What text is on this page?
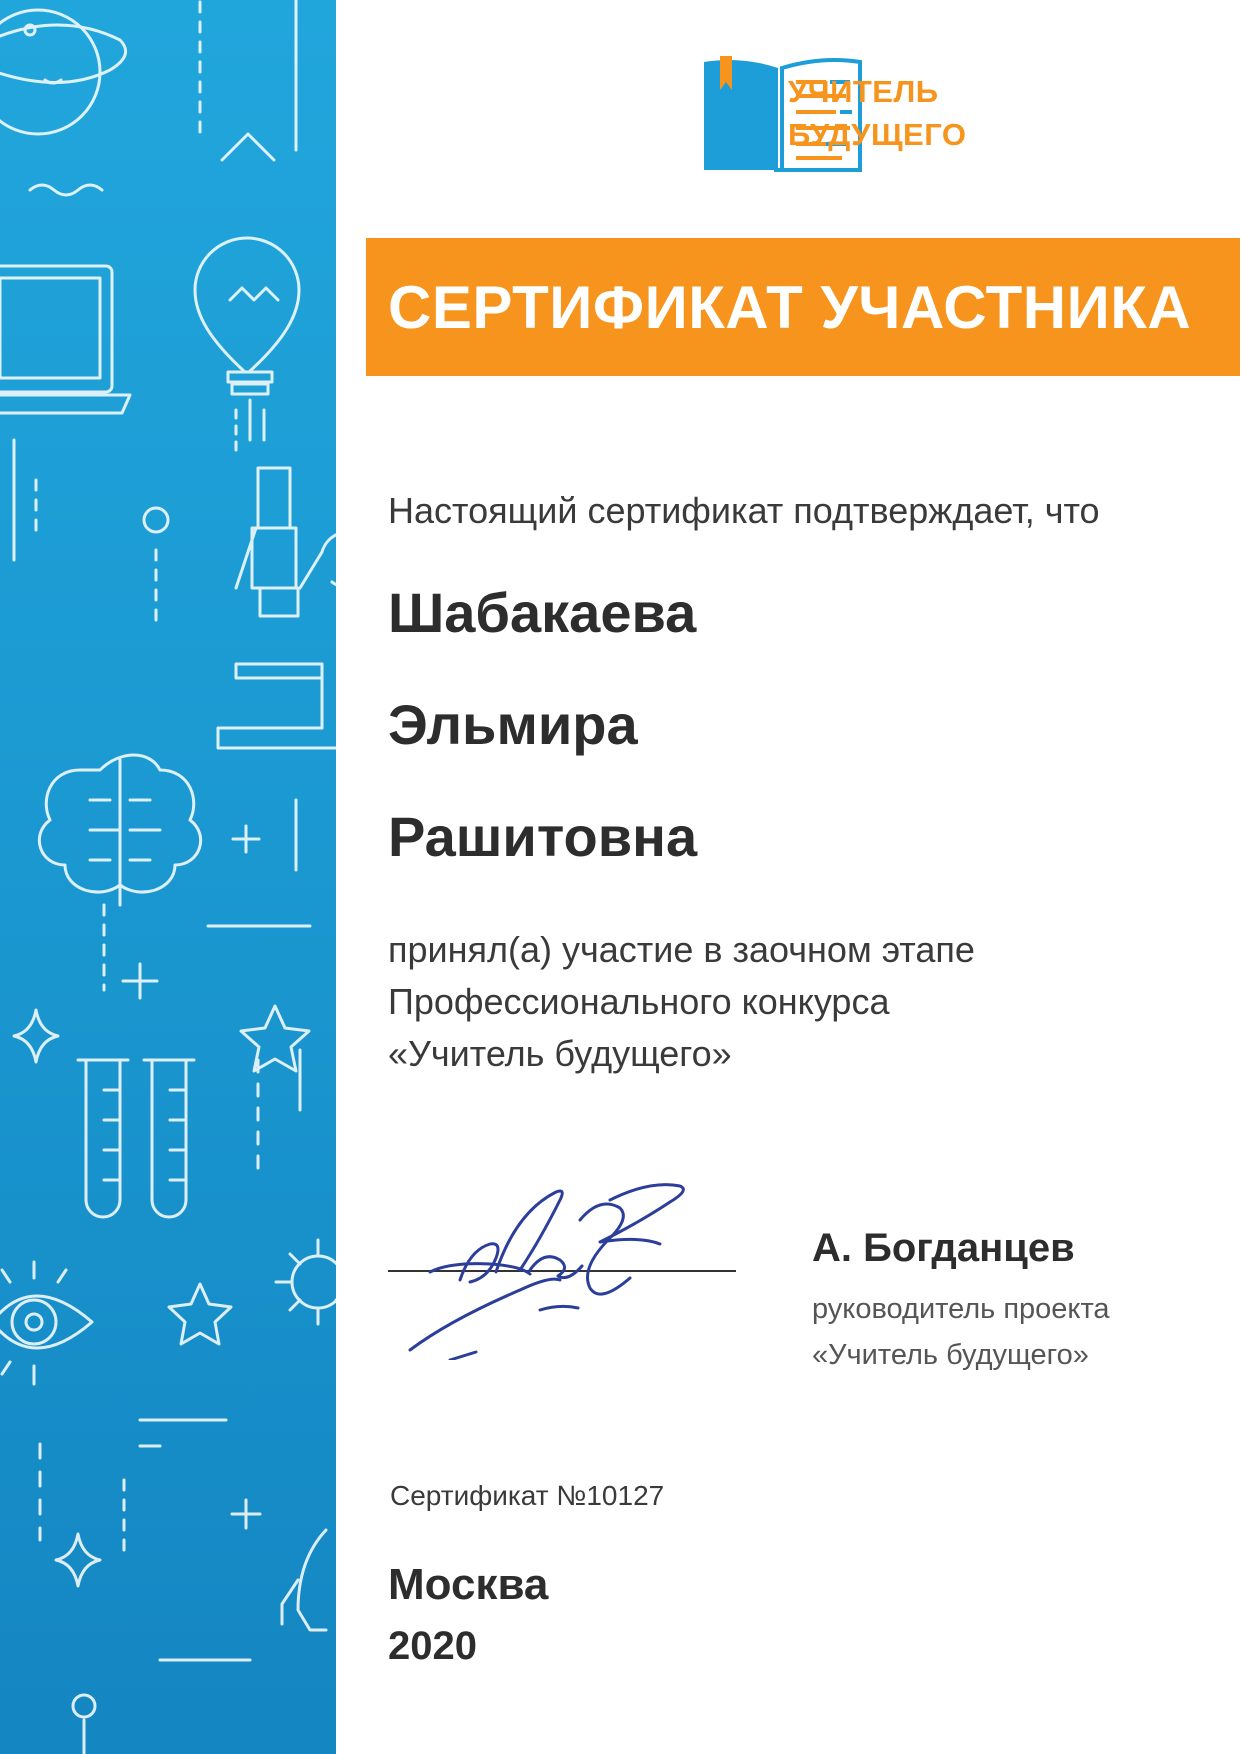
УЧИТЕЛЬ
БУДУЩЕГО
СЕРТИФИКАТ УЧАСТНИКА
Настоящий сертификат подтверждает, что
Шабакаева
Эльмира
Рашитовна
принял(а) участие в заочном этапе
Профессионального конкурса
«Учитель будущего»
А. Богданцев
руководитель проекта
«Учитель будущего»
Сертификат №10127
Москва
2020
